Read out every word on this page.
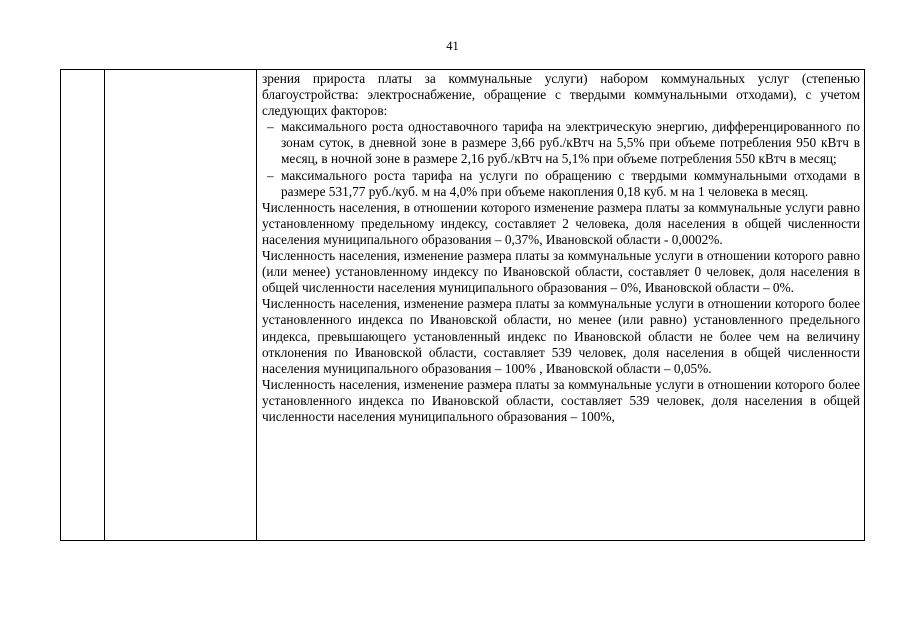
41

зрения прироста платы за коммунальные услуги) набором коммунальных услуг (степенью благоустройства: электроснабжение, обращение с твердыми коммунальными отходами), с учетом следующих факторов:

– максимального роста одноставочного тарифа на электрическую энергию, дифференцированного по зонам суток, в дневной зоне в размере 3,66 руб./кВтч на 5,5% при объеме потребления 950 кВтч в месяц, в ночной зоне в размере 2,16 руб./кВтч на 5,1% при объеме потребления 550 кВтч в месяц;
– максимального роста тарифа на услуги по обращению с твердыми коммунальными отходами в размере 531,77 руб./куб. м на 4,0% при объеме накопления 0,18 куб. м на 1 человека в месяц.

Численность населения, в отношении которого изменение размера платы за коммунальные услуги равно установленному предельному индексу, составляет 2 человека, доля населения в общей численности населения муниципального образования – 0,37%, Ивановской области - 0,0002%.

Численность населения, изменение размера платы за коммунальные услуги в отношении которого равно (или менее) установленному индексу по Ивановской области, составляет 0 человек, доля населения в общей численности населения муниципального образования – 0%, Ивановской области – 0%.

Численность населения, изменение размера платы за коммунальные услуги в отношении которого более установленного индекса по Ивановской области, но менее (или равно) установленного предельного индекса, превышающего установленный индекс по Ивановской области не более чем на величину отклонения по Ивановской области, составляет 539 человек, доля населения в общей численности населения муниципального образования – 100% , Ивановской области – 0,05%.

Численность населения, изменение размера платы за коммунальные услуги в отношении которого более установленного индекса по Ивановской области, составляет 539 человек, доля населения в общей численности населения муниципального образования – 100%,
